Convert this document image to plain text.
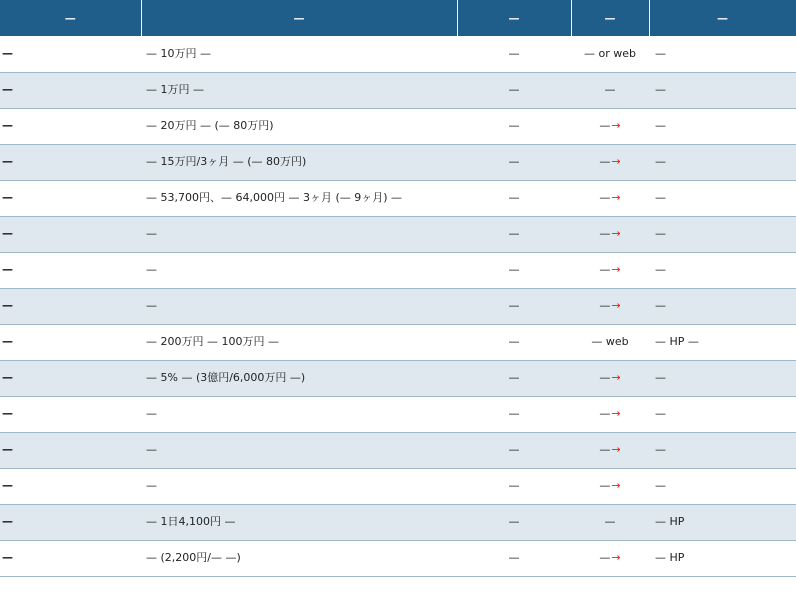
—	—	—	—	—
—	— 10万円 —	—	— or web	—
—	— 1万円 —	—	—	—
—	— 20万円 — (— 80万円)	—	—→	—
—	— 15万円/3ヶ月 — (— 80万円)	—	—→	—
—	— 53,700円、— 64,000円 — 3ヶ月 (— 9ヶ月) —	—	—→	—
—	—	—	—→	—
—	—	—	—→	—
—	—	—	—→	—
—	— 200万円 — 100万円 —	—	— web	— HP —
—	— 5% — (3億円/6,000万円 —)	—	—→	—
—	—	—	—→	—
—	—	—	—→	—
—	—	—	—→	—
—	— 1日4,100円 —	—	—	— HP
—	— (2,200円/— —)	—	—→	— HP
